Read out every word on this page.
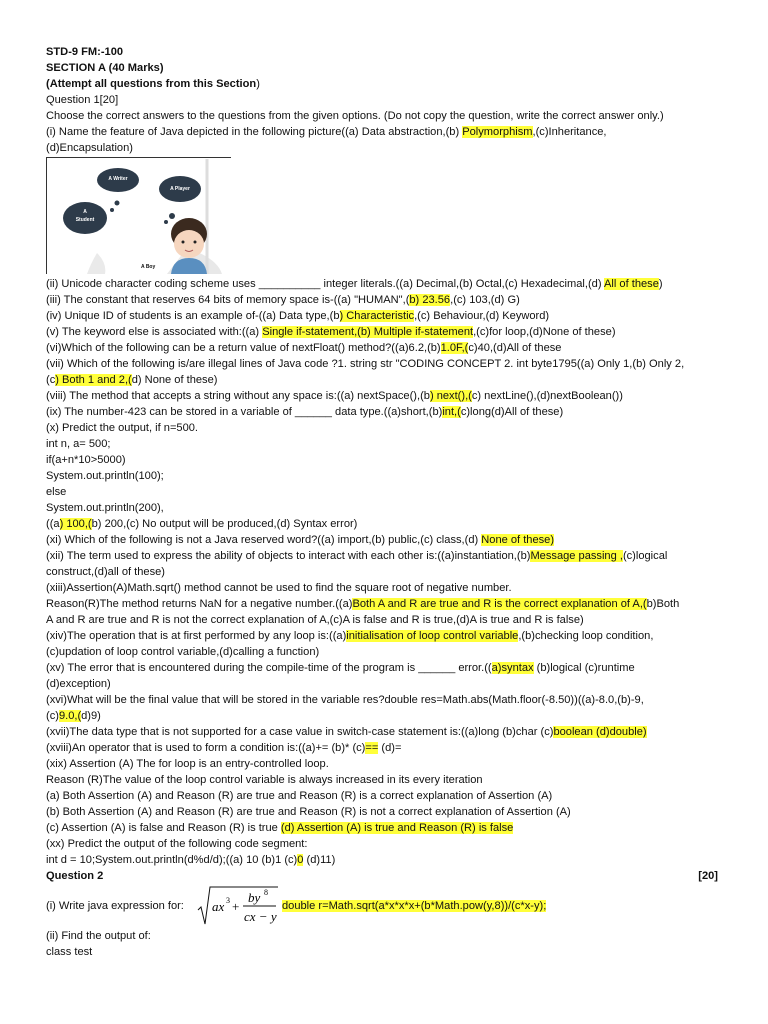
STD-9 FM:-100
SECTION A (40 Marks)
(Attempt all questions from this Section)
Question 1[20]
Choose the correct answers to the questions from the given options. (Do not copy the question, write the correct answer only.)
(i) Name the feature of Java depicted in the following picture((a) Data abstraction,(b) Polymorphism,(c)Inheritance,
(d)Encapsulation)
A Writer
A Player
A
Student
A Boy
(ii) Unicode character coding scheme uses __________ integer literals.((a) Decimal,(b) Octal,(c) Hexadecimal,(d) All of these)
(iii) The constant that reserves 64 bits of memory space is-((a) "HUMAN",(b) 23.56,(c) 103,(d) G)
(iv) Unique ID of students is an example of-((a) Data type,(b) Characteristic,(c) Behaviour,(d) Keyword)
(v) The keyword else is associated with:((a) Single if-statement,(b) Multiple if-statement,(c)for loop,(d)None of these)
(vi)Which of the following can be a return value of nextFloat() method?((a)6.2,(b)1.0F,(c)40,(d)All of these
(vii) Which of the following is/are illegal lines of Java code ?1. string str "CODING CONCEPT 2. int byte1795((a) Only 1,(b) Only 2,
(c) Both 1 and 2,(d) None of these)
(viii) The method that accepts a string without any space is:((a) nextSpace(),(b) next(),(c) nextLine(),(d)nextBoolean())
(ix) The number-423 can be stored in a variable of ______ data type.((a)short,(b)int,(c)long(d)All of these)
(x) Predict the output, if n=500.
int n, a= 500;
if(a+n*10>5000)
System.out.println(100);
else
System.out.println(200),
((a) 100,(b) 200,(c) No output will be produced,(d) Syntax error)
(xi) Which of the following is not a Java reserved word?((a) import,(b) public,(c) class,(d) None of these)
(xii) The term used to express the ability of objects to interact with each other is:((a)instantiation,(b)Message passing ,(c)logical
construct,(d)all of these)
(xiii)Assertion(A)Math.sqrt() method cannot be used to find the square root of negative number.
Reason(R)The method returns NaN for a negative number.((a)Both A and R are true and R is the correct explanation of A,(b)Both
A and R are true and R is not the correct explanation of A,(c)A is false and R is true,(d)A is true and R is false)
(xiv)The operation that is at first performed by any loop is:((a)initialisation of loop control variable,(b)checking loop condition,
(c)updation of loop control variable,(d)calling a function)
(xv) The error that is encountered during the compile-time of the program is ______ error.((a)syntax (b)logical (c)runtime
(d)exception)
(xvi)What will be the final value that will be stored in the variable res?double res=Math.abs(Math.floor(-8.50))((a)-8.0,(b)-9,
(c)9.0,(d)9)
(xvii)The data type that is not supported for a case value in switch-case statement is:((a)long (b)char (c)boolean (d)double)
(xviii)An operator that is used to form a condition is:((a)+= (b)* (c)== (d)=
(xix) Assertion (A) The for loop is an entry-controlled loop.
Reason (R)The value of the loop control variable is always increased in its every iteration
(a) Both Assertion (A) and Reason (R) are true and Reason (R) is a correct explanation of Assertion (A)
(b) Both Assertion (A) and Reason (R) are true and Reason (R) is not a correct explanation of Assertion (A)
(c) Assertion (A) is false and Reason (R) is true (d) Assertion (A) is true and Reason (R) is false
(xx) Predict the output of the following code segment:
int d = 10;System.out.println(d%d/d);((a) 10 (b)1 (c)0 (d)11)
Question 2	[20]
(i) Write java expression for: ax 3 +
by 8
cx − y
double r=Math.sqrt(a*x*x*x+(b*Math.pow(y,8))/(c*x-y);
(ii) Find the output of:
class test
